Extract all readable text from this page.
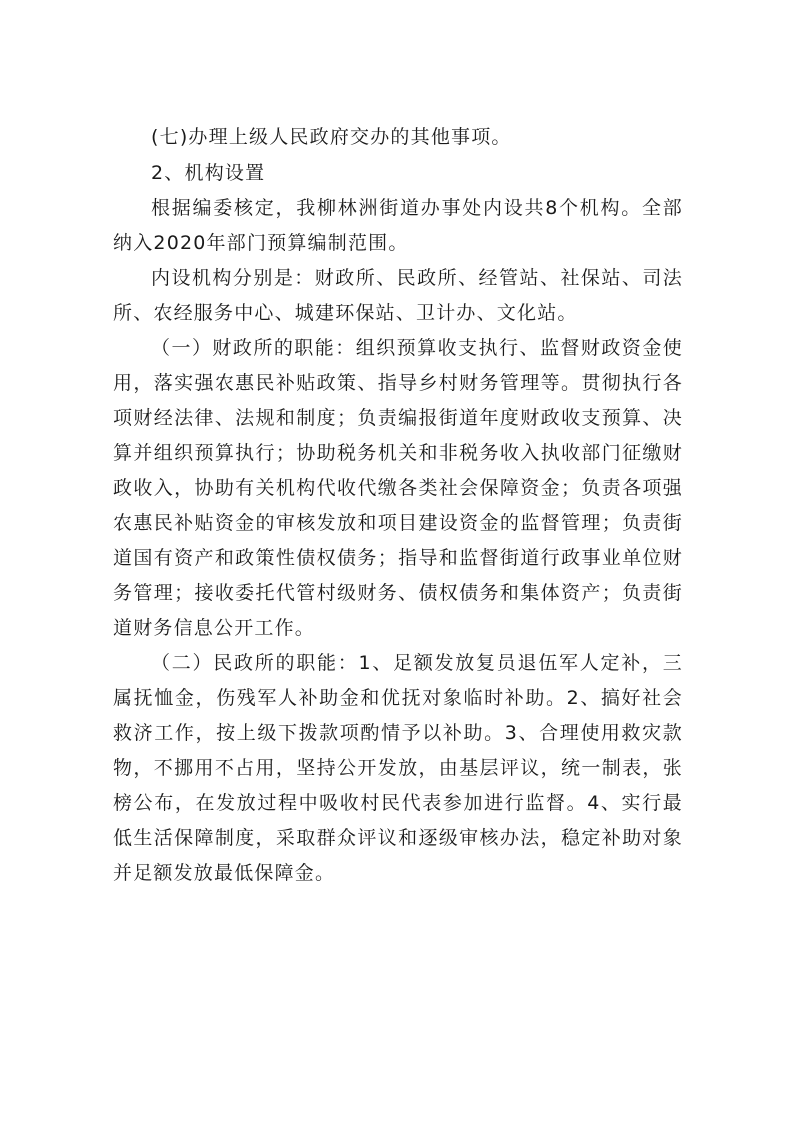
(七)办理上级人民政府交办的其他事项。

2、机构设置

根据编委核定，我柳林洲街道办事处内设共8个机构。全部纳入2020年部门预算编制范围。

内设机构分别是：财政所、民政所、经管站、社保站、司法所、农经服务中心、城建环保站、卫计办、文化站。

（一）财政所的职能：组织预算收支执行、监督财政资金使用，落实强农惠民补贴政策、指导乡村财务管理等。贯彻执行各项财经法律、法规和制度；负责编报街道年度财政收支预算、决算并组织预算执行；协助税务机关和非税务收入执收部门征缴财政收入，协助有关机构代收代缴各类社会保障资金；负责各项强农惠民补贴资金的审核发放和项目建设资金的监督管理；负责街道国有资产和政策性债权债务；指导和监督街道行政事业单位财务管理；接收委托代管村级财务、债权债务和集体资产；负责街道财务信息公开工作。

（二）民政所的职能：1、足额发放复员退伍军人定补，三属抚恤金，伤残军人补助金和优抚对象临时补助。2、搞好社会救济工作，按上级下拨款项酌情予以补助。3、合理使用救灾款物，不挪用不占用，坚持公开发放，由基层评议，统一制表，张榜公布，在发放过程中吸收村民代表参加进行监督。4、实行最低生活保障制度，采取群众评议和逐级审核办法，稳定补助对象并足额发放最低保障金。
